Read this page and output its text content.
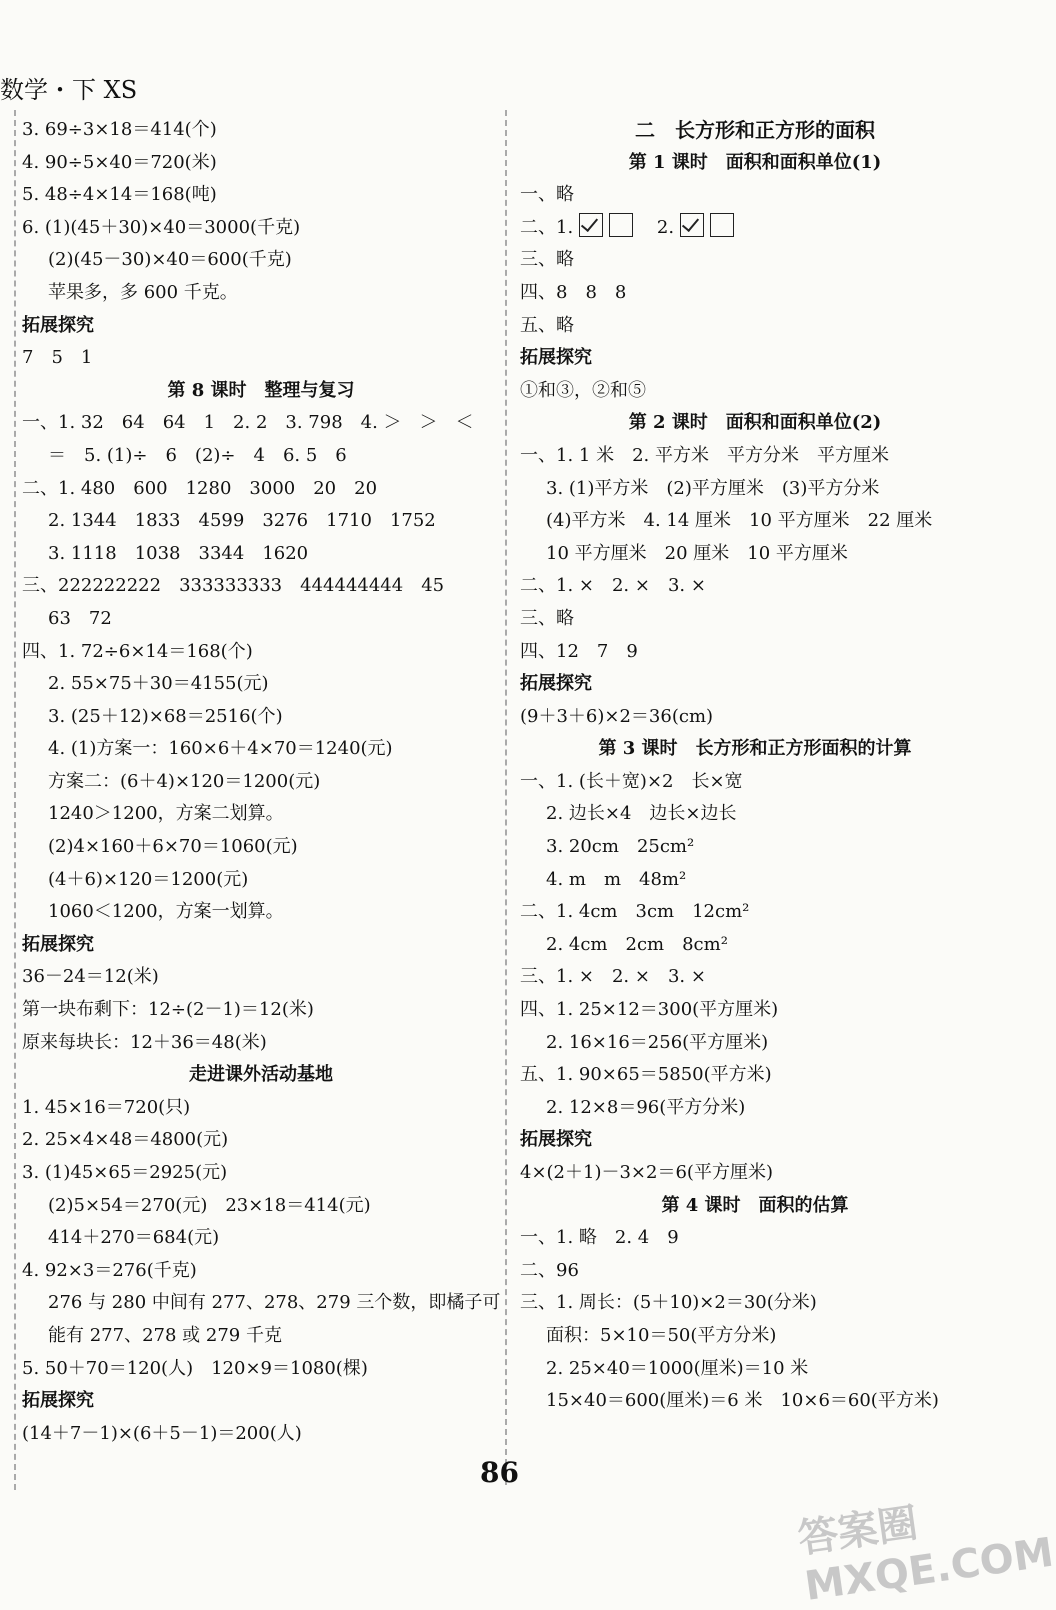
数学・下 XS
3. 69÷3×18＝414(个)
4. 90÷5×40＝720(米)
5. 48÷4×14＝168(吨)
6. (1)(45＋30)×40＝3000(千克)
(2)(45－30)×40＝600(千克)
苹果多，多 600 千克。
拓展探究
7　5　1
第 8 课时　整理与复习
一、1. 32　64　64　1　2. 2　3. 798　4. ＞　＞　＜
＝　5. (1)÷　6　(2)÷　4　6. 5　6
二、1. 480　600　1280　3000　20　20
2. 1344　1833　4599　3276　1710　1752
3. 1118　1038　3344　1620
三、222222222　333333333　444444444　45
63　72
四、1. 72÷6×14＝168(个)
2. 55×75＋30＝4155(元)
3. (25＋12)×68＝2516(个)
4. (1)方案一：160×6＋4×70＝1240(元)
方案二：(6＋4)×120＝1200(元)
1240＞1200，方案二划算。
(2)4×160＋6×70＝1060(元)
(4＋6)×120＝1200(元)
1060＜1200，方案一划算。
拓展探究
36－24＝12(米)
第一块布剩下：12÷(2－1)＝12(米)
原来每块长：12＋36＝48(米)
走进课外活动基地
1. 45×16＝720(只)
2. 25×4×48＝4800(元)
3. (1)45×65＝2925(元)
(2)5×54＝270(元)　23×18＝414(元)
414＋270＝684(元)
4. 92×3＝276(千克)
276 与 280 中间有 277、278、279 三个数，即橘子可
能有 277、278 或 279 千克
5. 50＋70＝120(人)　120×9＝1080(棵)
拓展探究
(14＋7－1)×(6＋5－1)＝200(人)
二　长方形和正方形的面积
第 1 课时　面积和面积单位(1)
一、略
二、1.	　2.
三、略
四、8　8　8
五、略
拓展探究
①和③，②和⑤
第 2 课时　面积和面积单位(2)
一、1. 1 米　2. 平方米　平方分米　平方厘米
3. (1)平方米　(2)平方厘米　(3)平方分米
(4)平方米　4. 14 厘米　10 平方厘米　22 厘米
10 平方厘米　20 厘米　10 平方厘米
二、1. ×　2. ×　3. ×
三、略
四、12　7　9
拓展探究
(9＋3＋6)×2＝36(cm)
第 3 课时　长方形和正方形面积的计算
一、1. (长＋宽)×2　长×宽
2. 边长×4　边长×边长
3. 20cm　25cm²
4. m　m　48m²
二、1. 4cm　3cm　12cm²
2. 4cm　2cm　8cm²
三、1. ×　2. ×　3. ×
四、1. 25×12＝300(平方厘米)
2. 16×16＝256(平方厘米)
五、1. 90×65＝5850(平方米)
2. 12×8＝96(平方分米)
拓展探究
4×(2＋1)－3×2＝6(平方厘米)
第 4 课时　面积的估算
一、1. 略　2. 4　9
二、96
三、1. 周长：(5＋10)×2＝30(分米)
面积：5×10＝50(平方分米)
2. 25×40＝1000(厘米)＝10 米
15×40＝600(厘米)＝6 米　10×6＝60(平方米)
86
答案圈 MXQE.COM
